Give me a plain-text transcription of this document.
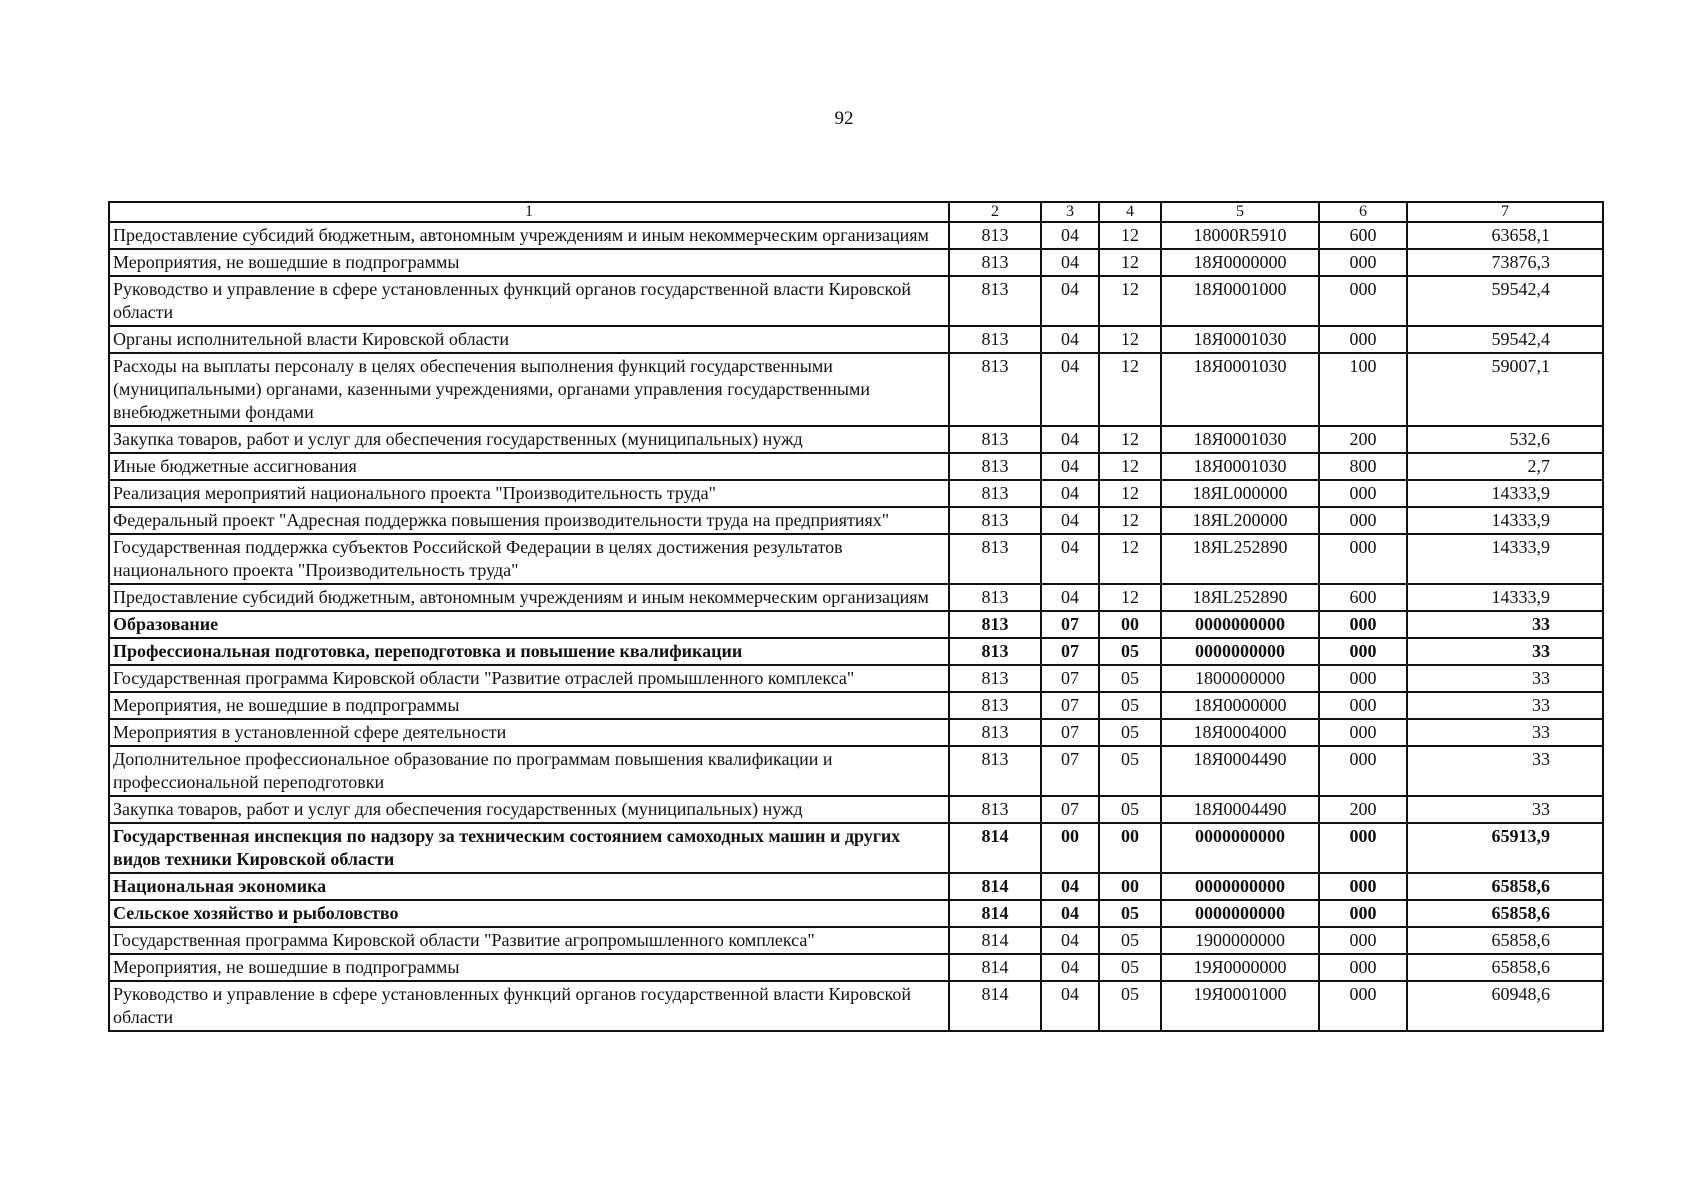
92
1	2	3	4	5	6	7
Предоставление субсидий бюджетным, автономным учреждениям и иным некоммерческим организациям	813	04	12	18000R5910	600	63658,1
Мероприятия, не вошедшие в подпрограммы	813	04	12	18Я0000000	000	73876,3
Руководство и управление в сфере установленных функций органов государственной власти Кировской области	813	04	12	18Я0001000	000	59542,4
Органы исполнительной власти Кировской области	813	04	12	18Я0001030	000	59542,4
Расходы на выплаты персоналу в целях обеспечения выполнения функций государственными (муниципальными) органами, казенными учреждениями, органами управления государственными внебюджетными фондами	813	04	12	18Я0001030	100	59007,1
Закупка товаров, работ и услуг для обеспечения государственных (муниципальных) нужд	813	04	12	18Я0001030	200	532,6
Иные бюджетные ассигнования	813	04	12	18Я0001030	800	2,7
Реализация мероприятий национального проекта "Производительность труда"	813	04	12	18ЯL000000	000	14333,9
Федеральный проект "Адресная поддержка повышения производительности труда на предприятиях"	813	04	12	18ЯL200000	000	14333,9
Государственная поддержка субъектов Российской Федерации в целях достижения результатов национального проекта "Производительность труда"	813	04	12	18ЯL252890	000	14333,9
Предоставление субсидий бюджетным, автономным учреждениям и иным некоммерческим организациям	813	04	12	18ЯL252890	600	14333,9
Образование	813	07	00	0000000000	000	33
Профессиональная подготовка, переподготовка и повышение квалификации	813	07	05	0000000000	000	33
Государственная программа Кировской области "Развитие отраслей промышленного комплекса"	813	07	05	1800000000	000	33
Мероприятия, не вошедшие в подпрограммы	813	07	05	18Я0000000	000	33
Мероприятия в установленной сфере деятельности	813	07	05	18Я0004000	000	33
Дополнительное профессиональное образование по программам повышения квалификации и профессиональной переподготовки	813	07	05	18Я0004490	000	33
Закупка товаров, работ и услуг для обеспечения государственных (муниципальных) нужд	813	07	05	18Я0004490	200	33
Государственная инспекция по надзору за техническим состоянием самоходных машин и других видов техники Кировской области	814	00	00	0000000000	000	65913,9
Национальная экономика	814	04	00	0000000000	000	65858,6
Сельское хозяйство и рыболовство	814	04	05	0000000000	000	65858,6
Государственная программа Кировской области "Развитие агропромышленного комплекса"	814	04	05	1900000000	000	65858,6
Мероприятия, не вошедшие в подпрограммы	814	04	05	19Я0000000	000	65858,6
Руководство и управление в сфере установленных функций органов государственной власти Кировской области	814	04	05	19Я0001000	000	60948,6
